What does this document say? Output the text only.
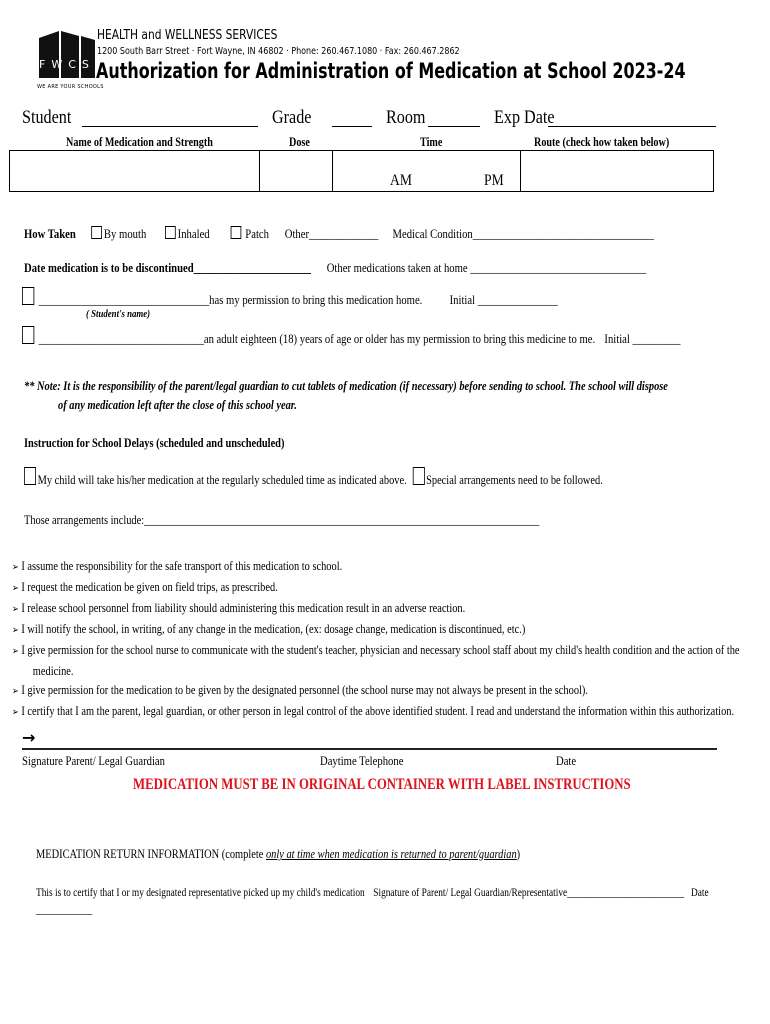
FWCS
WE ARE YOUR SCHOOLS
HEALTH and WELLNESS SERVICES
1200 South Barr Street · Fort Wayne, IN 46802 · Phone: 260.467.1080 · Fax: 260.467.2862
Authorization for Administration of Medication at School 2023-24
Student	Grade	Room	Exp Date
Name of Medication and Strength	Dose	Time	Route (check how taken below)
AM	PM
How Taken By mouth Inhaled	Patch Other_____________ Medical Condition__________________________________
Date medication is to be discontinued______________________ Other medications taken at home _________________________________
________________________________has my permission to bring this medication home. Initial _______________
( Student's name)
_______________________________an adult eighteen (18) years of age or older has my permission to bring this medicine to me. Initial _________
** Note: It is the responsibility of the parent/legal guardian to cut tablets of medication (if necessary) before sending to school. The school will dispose
of any medication left after the close of this school year.
Instruction for School Delays (scheduled and unscheduled)
My child will take his/her medication at the regularly scheduled time as indicated above. Special arrangements need to be followed.
Those arrangements include:____________________________________________________________________________
➢ I assume the responsibility for the safe transport of this medication to school.
➢ I request the medication be given on field trips, as prescribed.
➢ I release school personnel from liability should administering this medication result in an adverse reaction.
➢ I will notify the school, in writing, of any change in the medication, (ex: dosage change, medication is discontinued, etc.)
➢ I give permission for the school nurse to communicate with the student's teacher, physician and necessary school staff about my child's health condition and the action of the
medicine.
➢ I give permission for the medication to be given by the designated personnel (the school nurse may not always be present in the school).
➢ I certify that I am the parent, legal guardian, or other person in legal control of the above identified student. I read and understand the information within this authorization.
→
Signature Parent/ Legal Guardian	Daytime Telephone	Date
MEDICATION MUST BE IN ORIGINAL CONTAINER WITH LABEL INSTRUCTIONS
MEDICATION RETURN INFORMATION (complete only at time when medication is returned to parent/guardian)
This is to certify that I or my designated representative picked up my child's medication Signature of Parent/ Legal Guardian/Representative_________________________ Date
___________
